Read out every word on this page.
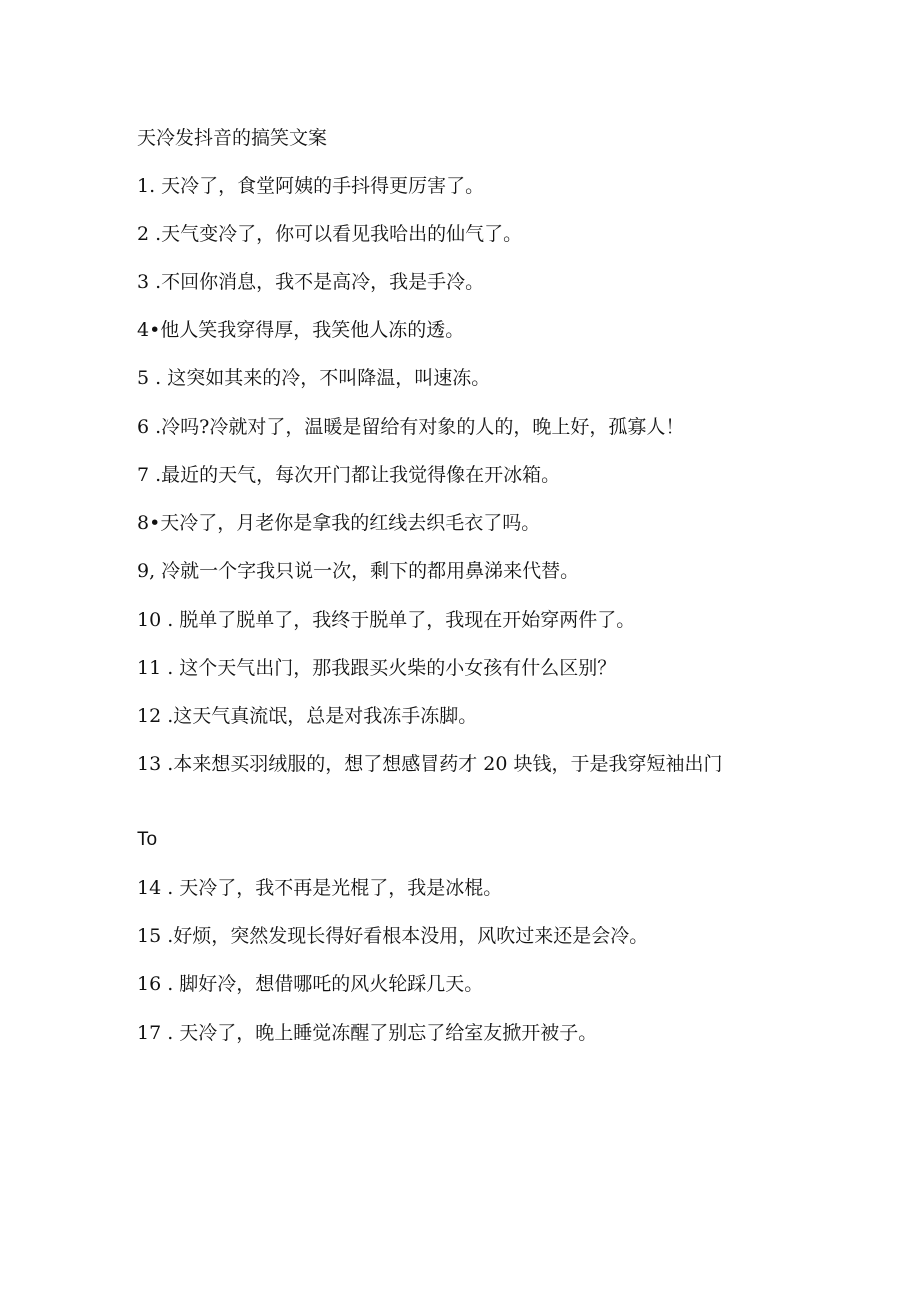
天冷发抖音的搞笑文案
1. 天冷了，食堂阿姨的手抖得更厉害了。
2 .天气变冷了，你可以看见我哈出的仙气了。
3 .不回你消息，我不是高冷，我是手冷。
4•他人笑我穿得厚，我笑他人冻的透。
5 . 这突如其来的冷，不叫降温，叫速冻。
6 .冷吗?冷就对了，温暖是留给有对象的人的，晚上好，孤寡人！
7 .最近的天气，每次开门都让我觉得像在开冰箱。
8•天冷了，月老你是拿我的红线去织毛衣了吗。
9, 冷就一个字我只说一次，剩下的都用鼻涕来代替。
10 . 脱单了脱单了，我终于脱单了，我现在开始穿两件了。
11 . 这个天气出门，那我跟买火柴的小女孩有什么区别？
12 .这天气真流氓，总是对我冻手冻脚。
13 .本来想买羽绒服的，想了想感冒药才 20 块钱，于是我穿短袖出门
To
14 . 天冷了，我不再是光棍了，我是冰棍。
15 .好烦，突然发现长得好看根本没用，风吹过来还是会冷。
16 . 脚好冷，想借哪吒的风火轮踩几天。
17 . 天冷了，晚上睡觉冻醒了别忘了给室友掀开被子。
